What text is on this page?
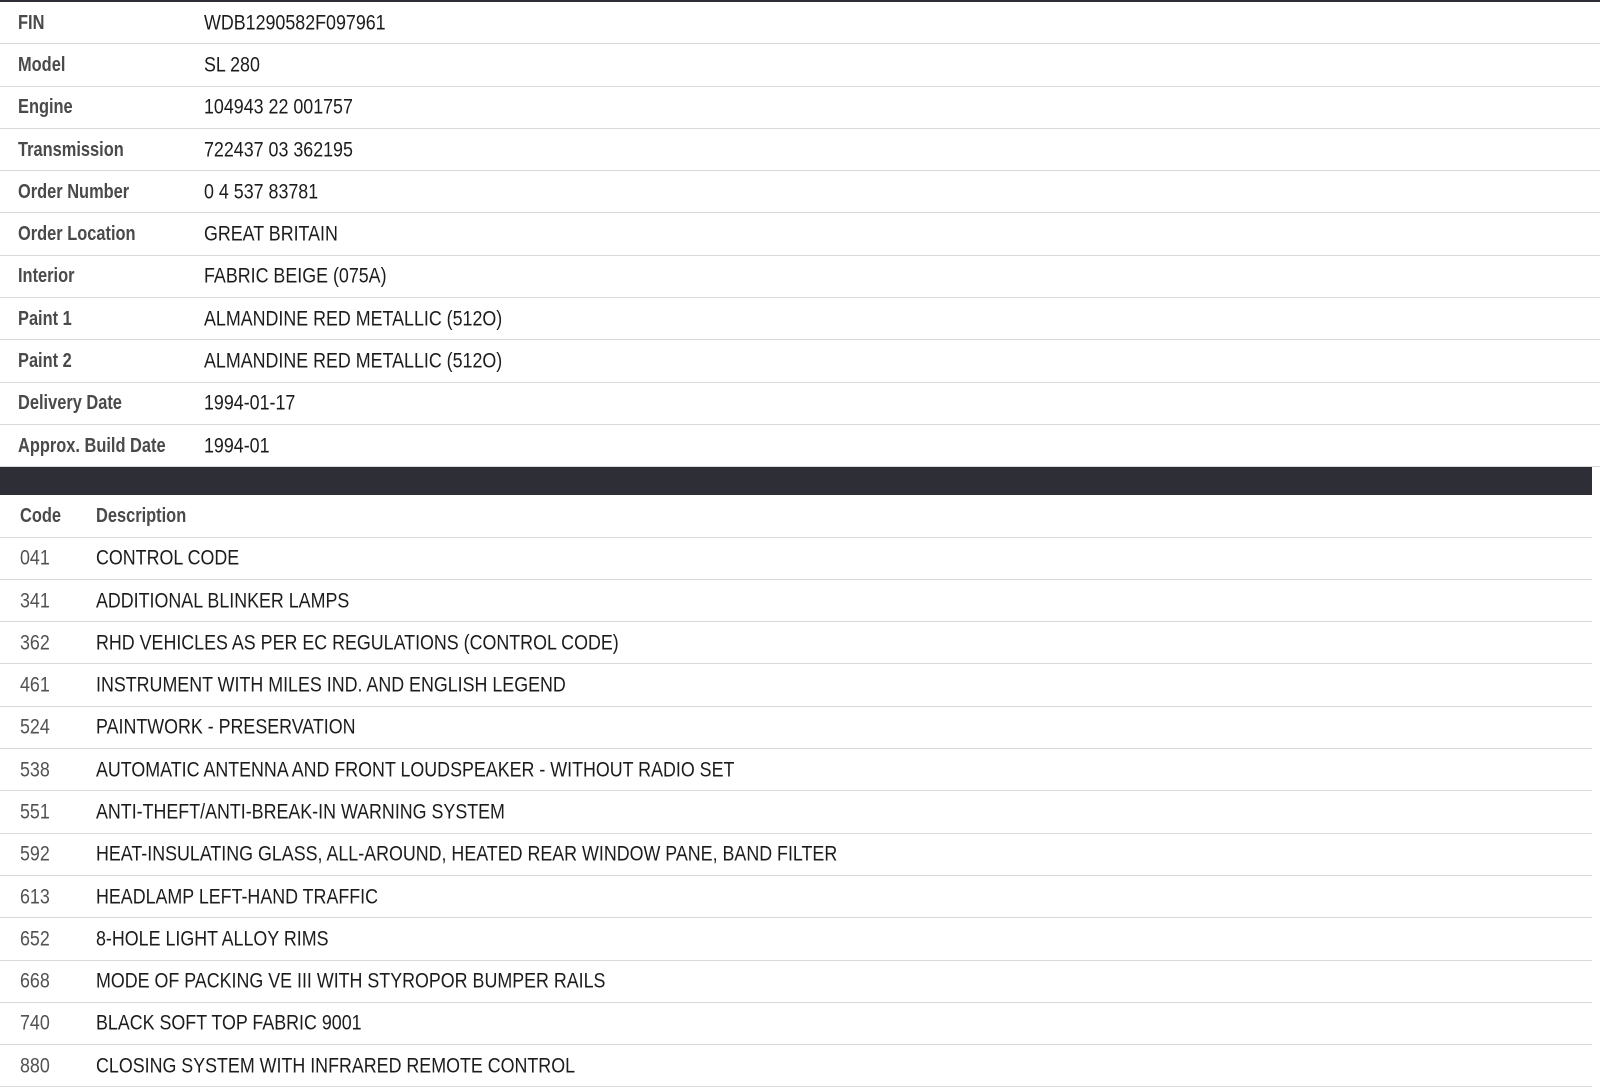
FIN	WDB1290582F097961
Model	SL 280
Engine	104943 22 001757
Transmission	722437 03 362195
Order Number	0 4 537 83781
Order Location	GREAT BRITAIN
Interior	FABRIC BEIGE (075A)
Paint 1	ALMANDINE RED METALLIC (512O)
Paint 2	ALMANDINE RED METALLIC (512O)
Delivery Date	1994-01-17
Approx. Build Date 1994-01
Code Description
041 CONTROL CODE
341 ADDITIONAL BLINKER LAMPS
362 RHD VEHICLES AS PER EC REGULATIONS (CONTROL CODE)
461 INSTRUMENT WITH MILES IND. AND ENGLISH LEGEND
524 PAINTWORK - PRESERVATION
538 AUTOMATIC ANTENNA AND FRONT LOUDSPEAKER - WITHOUT RADIO SET
551 ANTI-THEFT/ANTI-BREAK-IN WARNING SYSTEM
592 HEAT-INSULATING GLASS, ALL-AROUND, HEATED REAR WINDOW PANE, BAND FILTER
613 HEADLAMP LEFT-HAND TRAFFIC
652 8-HOLE LIGHT ALLOY RIMS
668 MODE OF PACKING VE III WITH STYROPOR BUMPER RAILS
740 BLACK SOFT TOP FABRIC 9001
880 CLOSING SYSTEM WITH INFRARED REMOTE CONTROL
